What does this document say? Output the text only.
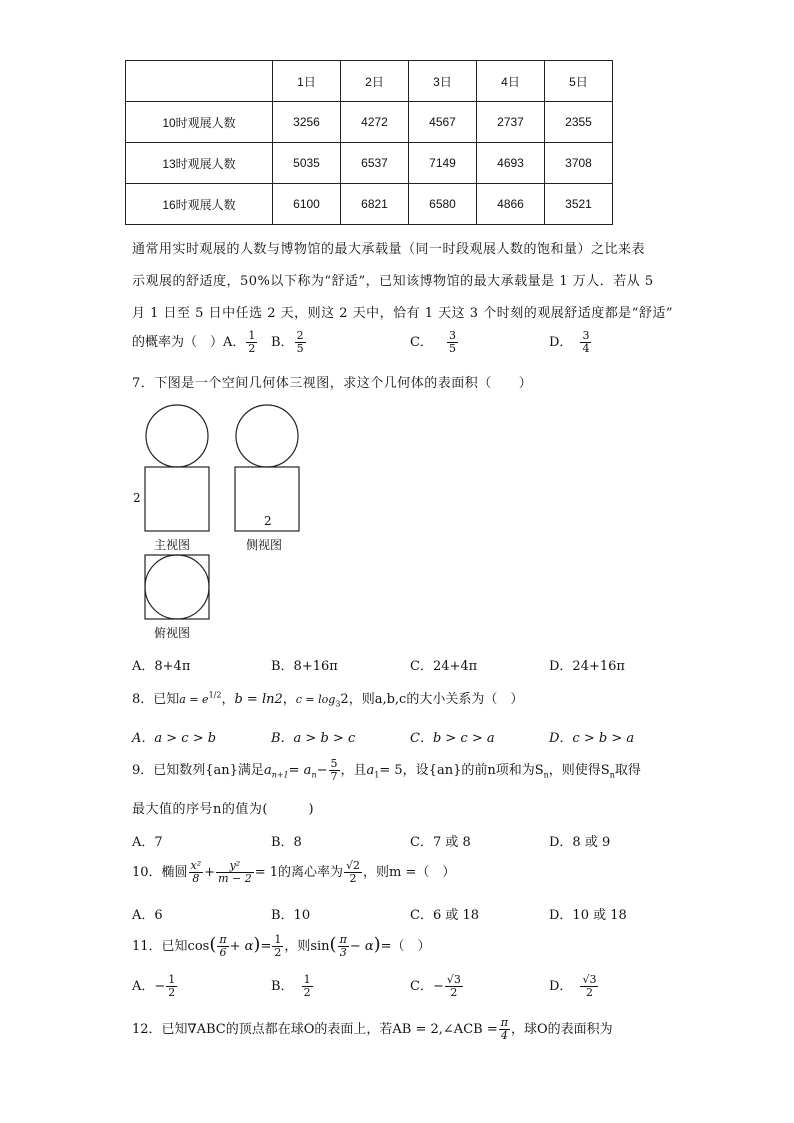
	1日	2日	3日	4日	5日
10时观展人数	3256	4272	4567	2737	2355
13时观展人数	5035	6537	7149	4693	3708
16时观展人数	6100	6821	6580	4866	3521
通常用实时观展的人数与博物馆的最大承载量（同一时段观展人数的饱和量）之比来表
示观展的舒适度，50%以下称为“舒适”，已知该博物馆的最大承载量是 1 万人．若从 5
月 1 日至 5 日中任选 2 天，则这 2 天中，恰有 1 天这 3 个时刻的观展舒适度都是“舒适”
的概率为（　）A． $\frac{1}{2}$ B． $\frac{2}{5}$	C． $\frac{3}{5}$	D． $\frac{3}{4}$
7．下图是一个空间几何体三视图，求这个几何体的表面积（　　）
2
2
主视图	侧视图
俯视图
A．8+4π	B．8+16π	C．24+4π	D．24+16π
8．已知$a = e^{1/2}$，b = ln2，$c = \log_32$，则a,b,c的大小关系为（　）
A．a > c > b	B．a > b > c	C．b > c > a	D．c > b > a
9．已知数列{an}满足$a_{n+1}= a_n- \frac{5}{7}$ ，且$a_1= 5$，设{an}的前n项和为$S_n$，则使得$S_n$取得
最大值的序号n的值为(　　　)
A．7	B．8	C．7 或 8	D．8 或 9
10．椭圆 $\frac{\text{x²}}{8} + \frac{\text{y²}}{m - 2} = 1$的离心率为 $\frac{√2}{2}$ ，则m =（　）
A．6	B．10	C．6 或 18	D．10 或 18
11．已知$\cos( \frac{\pi}{6} + \alpha)= \frac{1}{2}$ ，则$\sin( \frac{\pi}{3} - \alpha)=$（　）
A．− $\frac{1}{2}$	B． $\frac{1}{2}$	C．− $\frac{√3}{2}$	D． $\frac{√3}{2}$
12．已知∇ABC的顶点都在球O的表面上，若AB = 2,∠ACB = $\frac{\pi}{4}$ ，球O的表面积为
